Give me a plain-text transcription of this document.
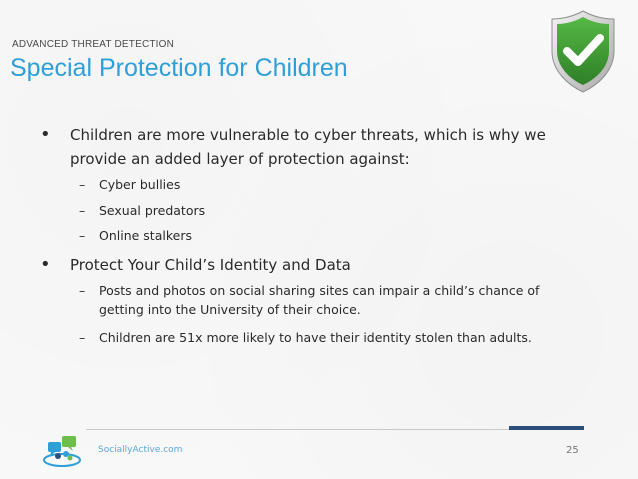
ADVANCED THREAT DETECTION
Special Protection for Children
• Children are more vulnerable to cyber threats, which is why we provide an added layer of protection against:
– Cyber bullies
– Sexual predators
– Online stalkers
• Protect Your Child’s Identity and Data
– Posts and photos on social sharing sites can impair a child’s chance of getting into the University of their choice.
– Children are 51x more likely to have their identity stolen than adults.
SociallyActive.com	25
